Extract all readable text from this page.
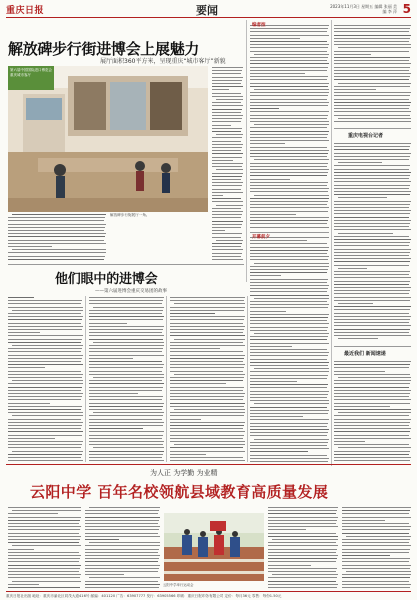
重庆日报	要闻	2023年11月3日 星期五 编辑 张丽 美编 李 萍 5
解放碑步行街进博会上展魅力
展厅面积360平方米，呈现重庆“城市客厅”新貌
第六届中国国际进口博览会 重庆城市客厅
解放碑步行街展厅一角。
编者按
开幕前夕
重庆电视台记者
最近我们 新闻速递
他们眼中的进博会
——第六届进博会重庆交易团的故事
为人正 为学勤 为业精
云阳中学 百年名校领航县域教育高质量发展
云阳中学举行运动会
重庆日报社出版 地址：重庆市渝北区同茂大道416号 邮编：401120 广告：63907777 发行：63905566 印刷：重庆日报印务有限公司 定价：每月36元 零售：每份1.50元
